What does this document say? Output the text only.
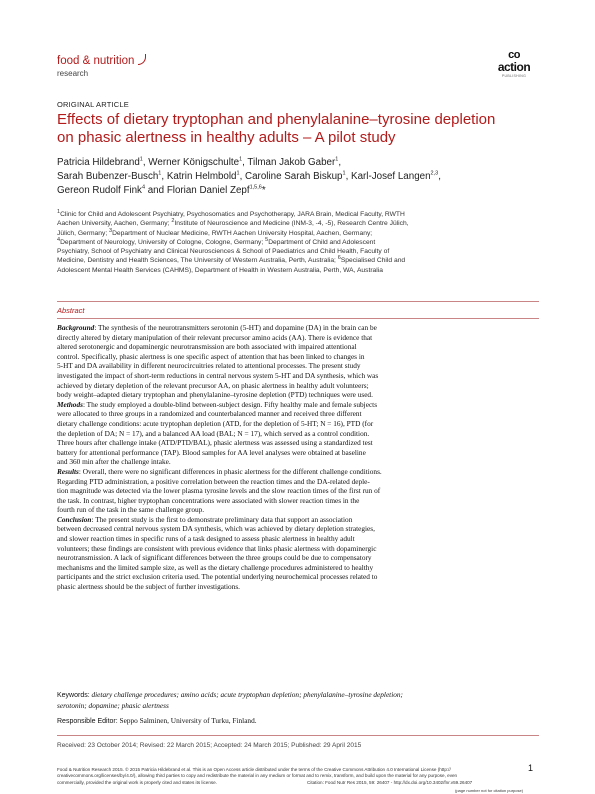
food & nutrition
research
co
action
PUBLISHING
ORIGINAL ARTICLE
Effects of dietary tryptophan and phenylalanine–tyrosine depletion
on phasic alertness in healthy adults – A pilot study
Patricia Hildebrand$^1$, Werner Königschulte$^1$, Tilman Jakob Gaber$^1$,
Sarah Bubenzer-Busch$^1$, Katrin Helmbold$^1$, Caroline Sarah Biskup$^1$, Karl-Josef Langen$^{2,3}$,
Gereon Rudolf Fink$^4$ and Florian Daniel Zepf$^{1,5,6}$*
$^1$Clinic for Child and Adolescent Psychiatry, Psychosomatics and Psychotherapy, JARA Brain, Medical Faculty, RWTH
Aachen University, Aachen, Germany; $^2$Institute of Neuroscience and Medicine (INM-3, -4, -5), Research Centre Jülich,
Jülich, Germany; $^3$Department of Nuclear Medicine, RWTH Aachen University Hospital, Aachen, Germany;
$^4$Department of Neurology, University of Cologne, Cologne, Germany; $^5$Department of Child and Adolescent
Psychiatry, School of Psychiatry and Clinical Neurosciences & School of Paediatrics and Child Health, Faculty of
Medicine, Dentistry and Health Sciences, The University of Western Australia, Perth, Australia; $^6$Specialised Child and
Adolescent Mental Health Services (CAHMS), Department of Health in Western Australia, Perth, WA, Australia
Abstract
Background: The synthesis of the neurotransmitters serotonin (5-HT) and dopamine (DA) in the brain can be
directly altered by dietary manipulation of their relevant precursor amino acids (AA). There is evidence that
altered serotonergic and dopaminergic neurotransmission are both associated with impaired attentional
control. Specifically, phasic alertness is one specific aspect of attention that has been linked to changes in
5-HT and DA availability in different neurocircuitries related to attentional processes. The present study
investigated the impact of short-term reductions in central nervous system 5-HT and DA synthesis, which was
achieved by dietary depletion of the relevant precursor AA, on phasic alertness in healthy adult volunteers;
body weight–adapted dietary tryptophan and phenylalanine–tyrosine depletion (PTD) techniques were used.
Methods: The study employed a double-blind between-subject design. Fifty healthy male and female subjects
were allocated to three groups in a randomized and counterbalanced manner and received three different
dietary challenge conditions: acute tryptophan depletion (ATD, for the depletion of 5-HT; N = 16), PTD (for
the depletion of DA; N = 17), and a balanced AA load (BAL; N = 17), which served as a control condition.
Three hours after challenge intake (ATD/PTD/BAL), phasic alertness was assessed using a standardized test
battery for attentional performance (TAP). Blood samples for AA level analyses were obtained at baseline
and 360 min after the challenge intake.
Results: Overall, there were no significant differences in phasic alertness for the different challenge conditions.
Regarding PTD administration, a positive correlation between the reaction times and the DA-related deple-
tion magnitude was detected via the lower plasma tyrosine levels and the slow reaction times of the first run of
the task. In contrast, higher tryptophan concentrations were associated with slower reaction times in the
fourth run of the task in the same challenge group.
Conclusion: The present study is the first to demonstrate preliminary data that support an association
between decreased central nervous system DA synthesis, which was achieved by dietary depletion strategies,
and slower reaction times in specific runs of a task designed to assess phasic alertness in healthy adult
volunteers; these findings are consistent with previous evidence that links phasic alertness with dopaminergic
neurotransmission. A lack of significant differences between the three groups could be due to compensatory
mechanisms and the limited sample size, as well as the dietary challenge procedures administered to healthy
participants and the strict exclusion criteria used. The potential underlying neurochemical processes related to
phasic alertness should be the subject of further investigations.
Keywords: dietary challenge procedures; amino acids; acute tryptophan depletion; phenylalanine–tyrosine depletion;
serotonin; dopamine; phasic alertness
Responsible Editor: Seppo Salminen, University of Turku, Finland.
Received: 23 October 2014; Revised: 22 March 2015; Accepted: 24 March 2015; Published: 29 April 2015
Food & Nutrition Research 2015. © 2015 Patricia Hildebrand et al. This is an Open Access article distributed under the terms of the Creative Commons Attribution 4.0 International License (http://
creativecommons.org/licenses/by/4.0/), allowing third parties to copy and redistribute the material in any medium or format and to remix, transform, and build upon the material for any purpose, even
commercially, provided the original work is properly cited and states its license.	Citation: Food Nutr Res 2015, 59: 26407 - http://dx.doi.org/10.3402/fnr.v59.26407
1
(page number not for citation purpose)
